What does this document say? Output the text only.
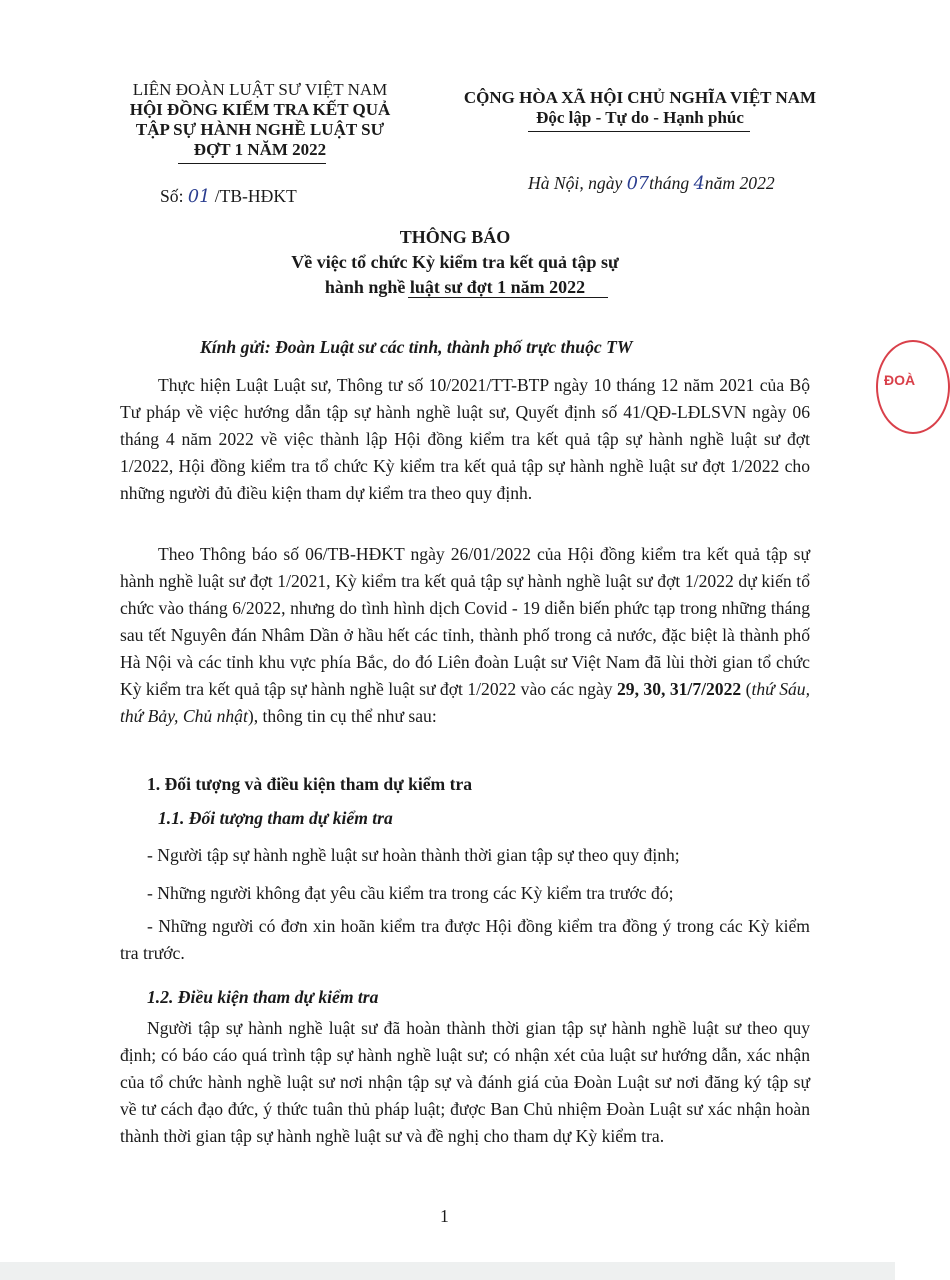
LIÊN ĐOÀN LUẬT SƯ VIỆT NAM
HỘI ĐỒNG KIỂM TRA KẾT QUẢ
TẬP SỰ HÀNH NGHỀ LUẬT SƯ
ĐỢT 1 NĂM 2022
Số: 01 /TB-HĐKT
CỘNG HÒA XÃ HỘI CHỦ NGHĨA VIỆT NAM
Độc lập - Tự do - Hạnh phúc
Hà Nội, ngày 07tháng 4năm 2022
THÔNG BÁO
Về việc tổ chức Kỳ kiểm tra kết quả tập sự
hành nghề luật sư đợt 1 năm 2022
Kính gửi: Đoàn Luật sư các tỉnh, thành phố trực thuộc TW
Thực hiện Luật Luật sư, Thông tư số 10/2021/TT-BTP ngày 10 tháng 12 năm 2021 của Bộ Tư pháp về việc hướng dẫn tập sự hành nghề luật sư, Quyết định số 41/QĐ-LĐLSVN ngày 06 tháng 4 năm 2022 về việc thành lập Hội đồng kiểm tra kết quả tập sự hành nghề luật sư đợt 1/2022, Hội đồng kiểm tra tổ chức Kỳ kiểm tra kết quả tập sự hành nghề luật sư đợt 1/2022 cho những người đủ điều kiện tham dự kiểm tra theo quy định.
Theo Thông báo số 06/TB-HĐKT ngày 26/01/2022 của Hội đồng kiểm tra kết quả tập sự hành nghề luật sư đợt 1/2021, Kỳ kiểm tra kết quả tập sự hành nghề luật sư đợt 1/2022 dự kiến tổ chức vào tháng 6/2022, nhưng do tình hình dịch Covid - 19 diễn biến phức tạp trong những tháng sau tết Nguyên đán Nhâm Dần ở hầu hết các tỉnh, thành phố trong cả nước, đặc biệt là thành phố Hà Nội và các tỉnh khu vực phía Bắc, do đó Liên đoàn Luật sư Việt Nam đã lùi thời gian tổ chức Kỳ kiểm tra kết quả tập sự hành nghề luật sư đợt 1/2022 vào các ngày 29, 30, 31/7/2022 (thứ Sáu, thứ Bảy, Chủ nhật), thông tin cụ thể như sau:
1. Đối tượng và điều kiện tham dự kiểm tra
1.1. Đối tượng tham dự kiểm tra
- Người tập sự hành nghề luật sư hoàn thành thời gian tập sự theo quy định;
- Những người không đạt yêu cầu kiểm tra trong các Kỳ kiểm tra trước đó;
- Những người có đơn xin hoãn kiểm tra được Hội đồng kiểm tra đồng ý trong các Kỳ kiểm tra trước.
1.2. Điều kiện tham dự kiểm tra
Người tập sự hành nghề luật sư đã hoàn thành thời gian tập sự hành nghề luật sư theo quy định; có báo cáo quá trình tập sự hành nghề luật sư; có nhận xét của luật sư hướng dẫn, xác nhận của tổ chức hành nghề luật sư nơi nhận tập sự và đánh giá của Đoàn Luật sư nơi đăng ký tập sự về tư cách đạo đức, ý thức tuân thủ pháp luật; được Ban Chủ nhiệm Đoàn Luật sư xác nhận hoàn thành thời gian tập sự hành nghề luật sư và đề nghị cho tham dự Kỳ kiểm tra.
1
ĐOÀ
